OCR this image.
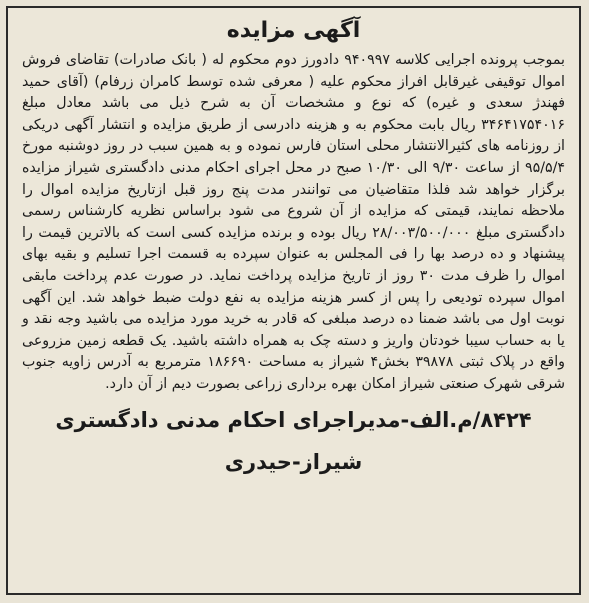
آگهی مزایده

بموجب پرونده اجرایی کلاسه ۹۴۰۹۹۷ دادورز دوم محکوم له ( بانک صادرات) تقاضای فروش اموال توقیفی غیرقابل افراز محکوم علیه ( معرفی شده توسط کامران زرفام) (آقای حمید فهندژ سعدی و غیره) که نوع و مشخصات آن به شرح ذیل می باشد معادل مبلغ ۳۴۶۴۱۷۵۴۰۱۶ ریال بابت محکوم به و هزینه دادرسی از طریق مزایده و انتشار آگهی دریکی از روزنامه های کثیرالانتشار محلی استان فارس نموده و به همین سبب در روز دوشنبه مورخ ۹۵/۵/۴ از ساعت ۹/۳۰ الی ۱۰/۳۰ صبح در محل اجرای احکام مدنی دادگستری شیراز مزایده برگزار خواهد شد فلذا متقاضیان می توانندر مدت پنج روز قبل ازتاریخ مزایده اموال را ملاحظه نمایند، قیمتی که مزایده از آن شروع می شود براساس نظریه کارشناس رسمی دادگستری مبلغ ۲۸/۰۰۳/۵۰۰/۰۰۰ ریال بوده و برنده مزایده کسی است که بالاترین قیمت را پیشنهاد و ده درصد بها را فی المجلس به عنوان سپرده به قسمت اجرا تسلیم و بقیه بهای اموال را ظرف مدت ۳۰ روز از تاریخ مزایده پرداخت نماید. در صورت عدم پرداخت مابقی اموال سپرده تودیعی را پس از کسر هزینه مزایده به نفع دولت ضبط خواهد شد. این آگهی نوبت اول می باشد ضمنا ده درصد مبلغی که قادر به خرید مورد مزایده می باشید وجه نقد و یا به حساب سیبا خودتان واریز و دسته چک به همراه داشته باشید. یک قطعه زمین مزروعی واقع در پلاک ثبتی ۳۹۸۷۸ بخش۴ شیراز به مساحت ۱۸۶۶۹۰ مترمربع به آدرس زاویه جنوب شرقی شهرک صنعتی شیراز امکان بهره برداری زراعی بصورت دیم از آن دارد.

۸۴۲۴/م.الف-مدیراجرای احکام مدنی دادگستری
شیراز-حیدری
